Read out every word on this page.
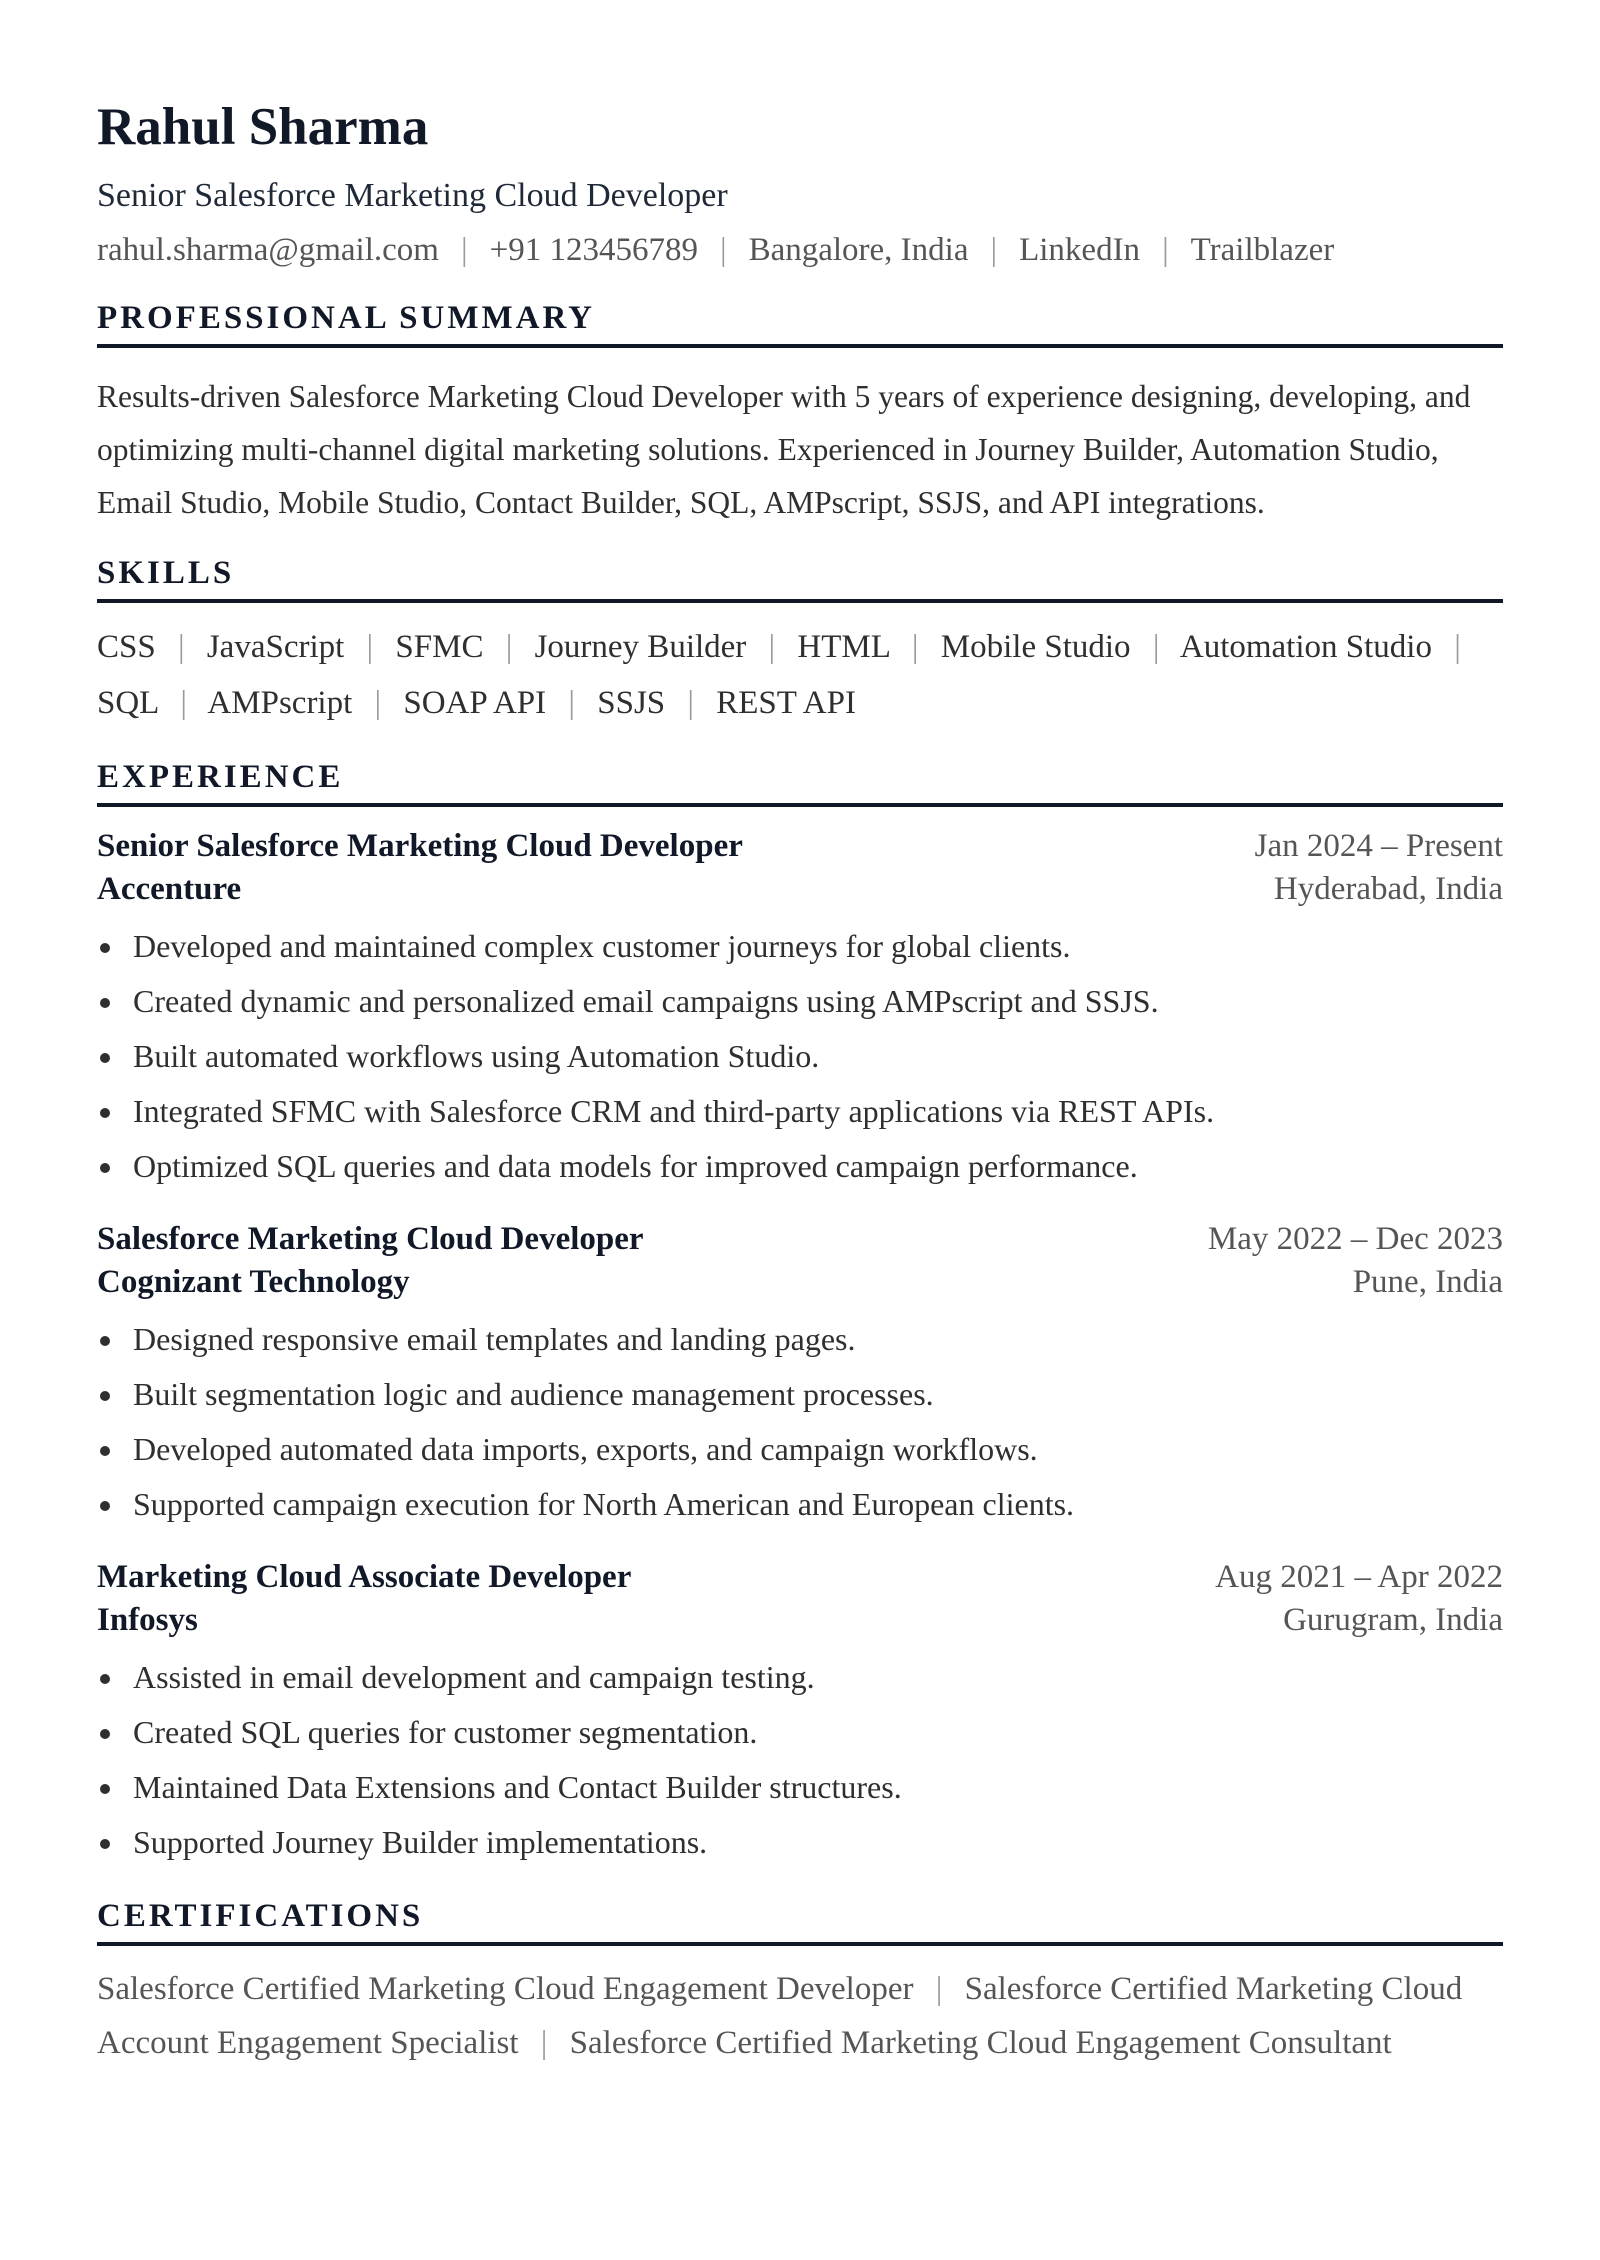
Rahul Sharma
Senior Salesforce Marketing Cloud Developer
rahul.sharma@gmail.com | +91 123456789 | Bangalore, India | LinkedIn | Trailblazer
PROFESSIONAL SUMMARY
Results-driven Salesforce Marketing Cloud Developer with 5 years of experience designing, developing, and optimizing multi-channel digital marketing solutions. Experienced in Journey Builder, Automation Studio, Email Studio, Mobile Studio, Contact Builder, SQL, AMPscript, SSJS, and API integrations.
SKILLS
CSS | JavaScript | SFMC | Journey Builder | HTML | Mobile Studio | Automation Studio | SQL | AMPscript | SOAP API | SSJS | REST API
EXPERIENCE
Senior Salesforce Marketing Cloud Developer	Jan 2024 – Present
Accenture	Hyderabad, India
Developed and maintained complex customer journeys for global clients.
Created dynamic and personalized email campaigns using AMPscript and SSJS.
Built automated workflows using Automation Studio.
Integrated SFMC with Salesforce CRM and third-party applications via REST APIs.
Optimized SQL queries and data models for improved campaign performance.
Salesforce Marketing Cloud Developer	May 2022 – Dec 2023
Cognizant Technology	Pune, India
Designed responsive email templates and landing pages.
Built segmentation logic and audience management processes.
Developed automated data imports, exports, and campaign workflows.
Supported campaign execution for North American and European clients.
Marketing Cloud Associate Developer	Aug 2021 – Apr 2022
Infosys	Gurugram, India
Assisted in email development and campaign testing.
Created SQL queries for customer segmentation.
Maintained Data Extensions and Contact Builder structures.
Supported Journey Builder implementations.
CERTIFICATIONS
Salesforce Certified Marketing Cloud Engagement Developer | Salesforce Certified Marketing Cloud Account Engagement Specialist | Salesforce Certified Marketing Cloud Engagement Consultant
